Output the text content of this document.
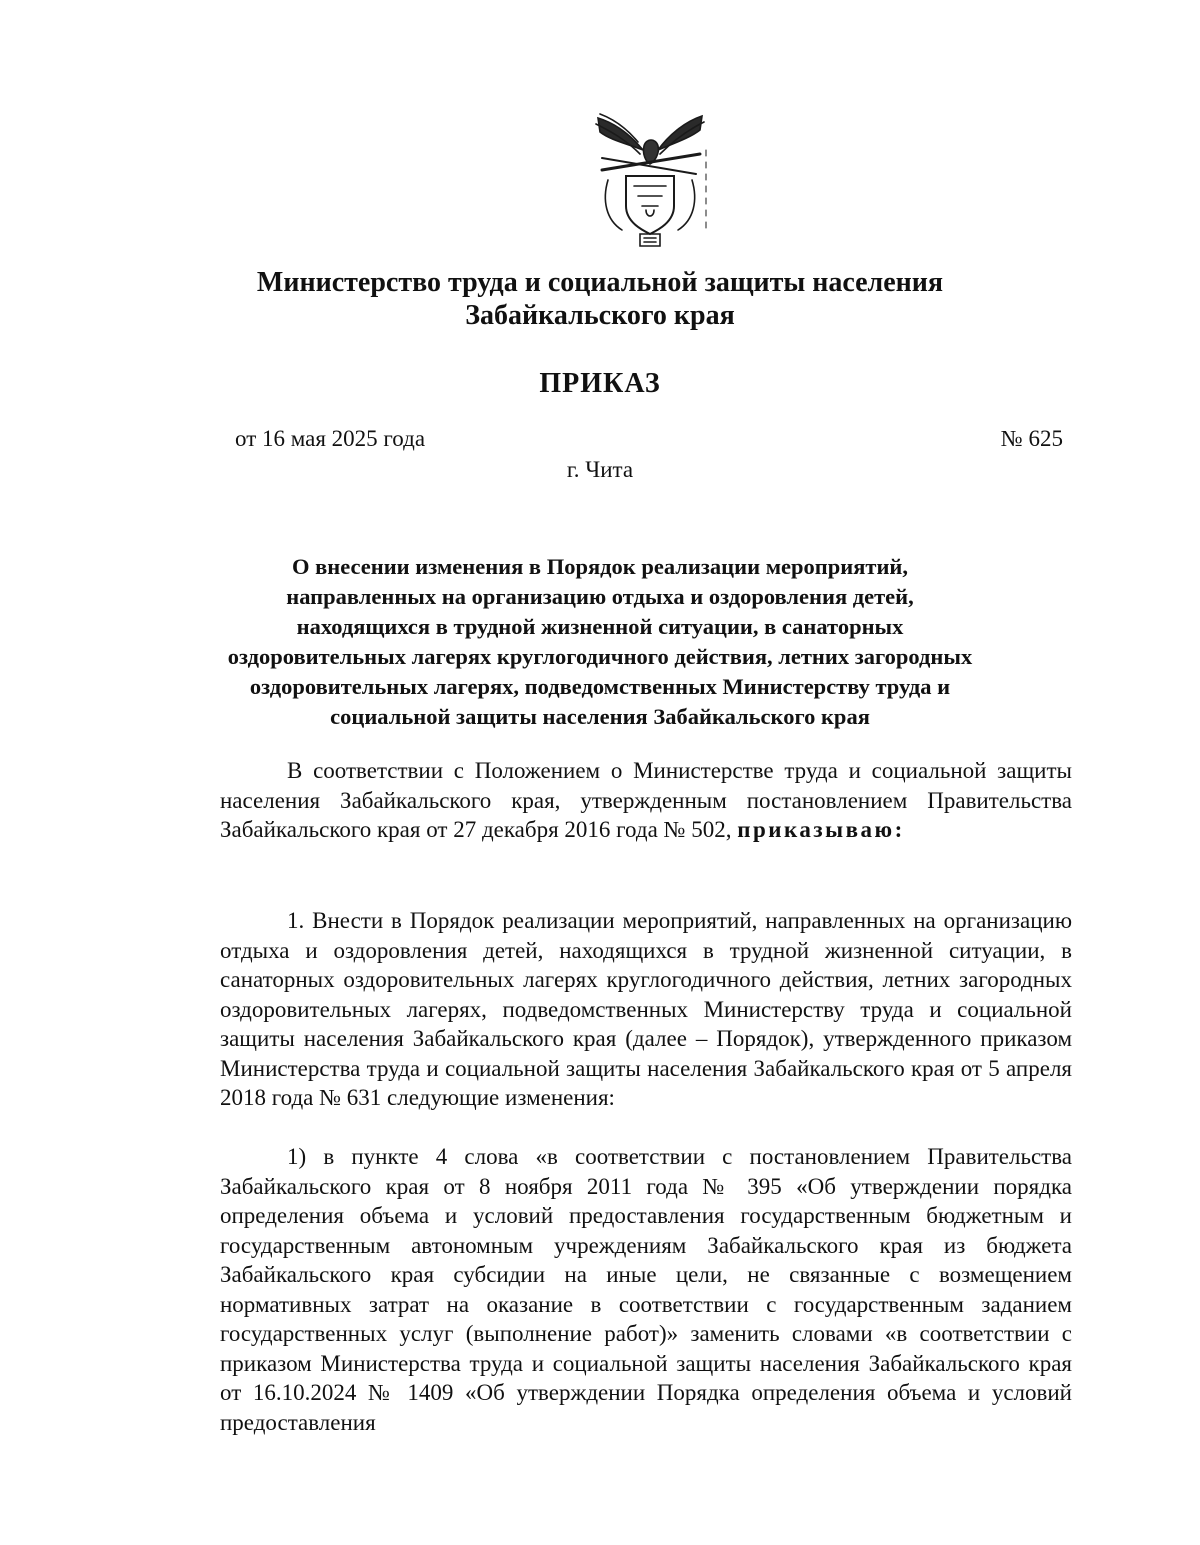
Министерство труда и социальной защиты населения
Забайкальского края
ПРИКАЗ
от 16 мая 2025 года	№ 625
г. Чита
О внесении изменения в Порядок реализации мероприятий,
направленных на организацию отдыха и оздоровления детей,
находящихся в трудной жизненной ситуации, в санаторных
оздоровительных лагерях круглогодичного действия, летних загородных
оздоровительных лагерях, подведомственных Министерству труда и
социальной защиты населения Забайкальского края

В соответствии с Положением о Министерстве труда и социальной защиты населения Забайкальского края, утвержденным постановлением Правительства Забайкальского края от 27 декабря 2016 года № 502, приказываю:

1. Внести в Порядок реализации мероприятий, направленных на организацию отдыха и оздоровления детей, находящихся в трудной жизненной ситуации, в санаторных оздоровительных лагерях круглогодичного действия, летних загородных оздоровительных лагерях, подведомственных Министерству труда и социальной защиты населения Забайкальского края (далее – Порядок), утвержденного приказом Министерства труда и социальной защиты населения Забайкальского края от 5 апреля 2018 года № 631 следующие изменения:

1) в пункте 4 слова «в соответствии с постановлением Правительства Забайкальского края от 8 ноября 2011 года № 395 «Об утверждении порядка определения объема и условий предоставления государственным бюджетным и государственным автономным учреждениям Забайкальского края из бюджета Забайкальского края субсидии на иные цели, не связанные с возмещением нормативных затрат на оказание в соответствии с государственным заданием государственных услуг (выполнение работ)» заменить словами «в соответствии с приказом Министерства труда и социальной защиты населения Забайкальского края от 16.10.2024 № 1409 «Об утверждении Порядка определения объема и условий предоставления
